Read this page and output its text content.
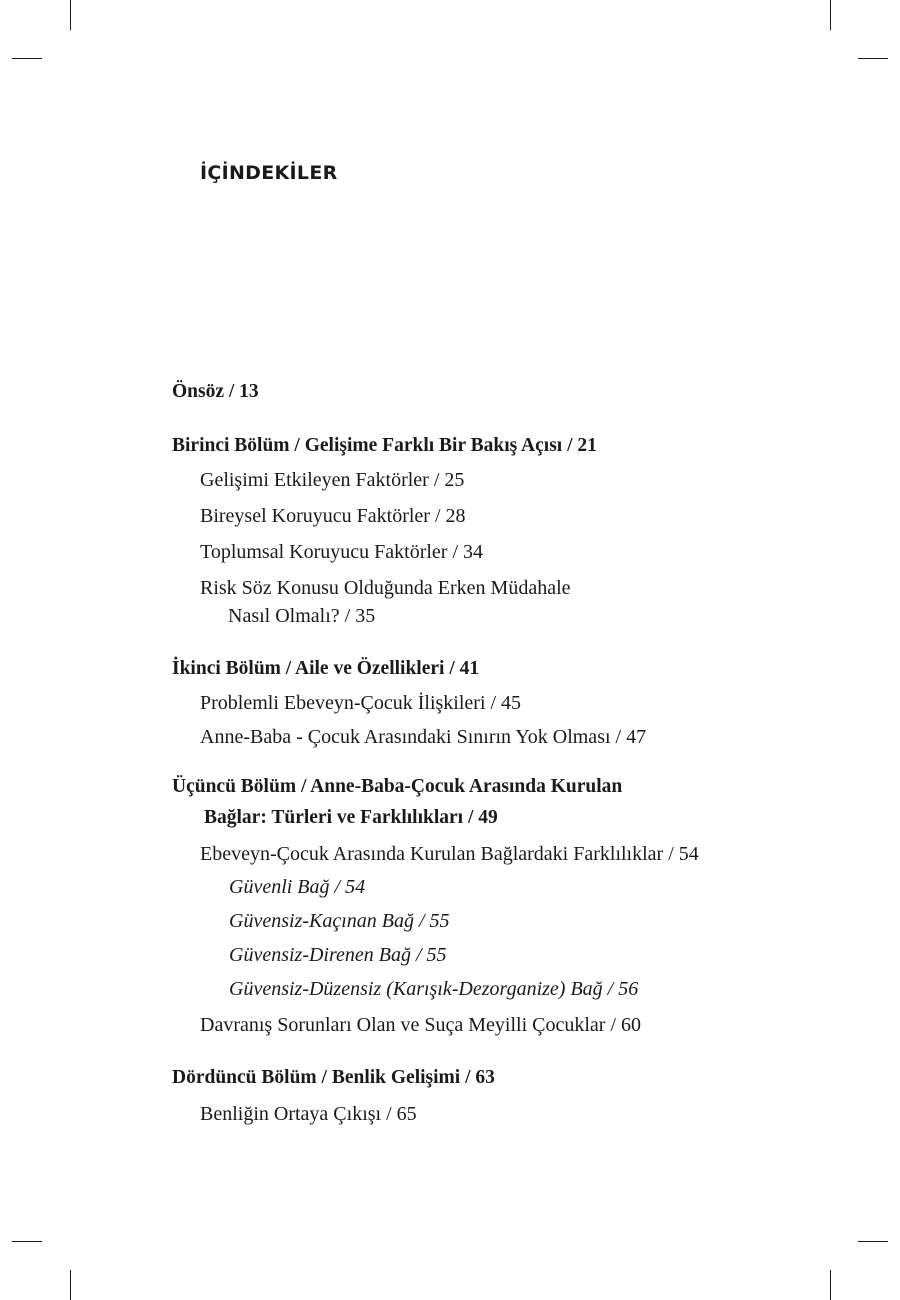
İÇİNDEKİLER
Önsöz / 13
Birinci Bölüm / Gelişime Farklı Bir Bakış Açısı / 21
Gelişimi Etkileyen Faktörler / 25
Bireysel Koruyucu Faktörler / 28
Toplumsal Koruyucu Faktörler / 34
Risk Söz Konusu Olduğunda Erken Müdahale
Nasıl Olmalı? / 35
İkinci Bölüm / Aile ve Özellikleri / 41
Problemli Ebeveyn-Çocuk İlişkileri / 45
Anne-Baba - Çocuk Arasındaki Sınırın Yok Olması / 47
Üçüncü Bölüm / Anne-Baba-Çocuk Arasında Kurulan
Bağlar: Türleri ve Farklılıkları / 49
Ebeveyn-Çocuk Arasında Kurulan Bağlardaki Farklılıklar / 54
Güvenli Bağ / 54
Güvensiz-Kaçınan Bağ / 55
Güvensiz-Direnen Bağ / 55
Güvensiz-Düzensiz (Karışık-Dezorganize) Bağ / 56
Davranış Sorunları Olan ve Suça Meyilli Çocuklar / 60
Dördüncü Bölüm / Benlik Gelişimi / 63
Benliğin Ortaya Çıkışı / 65
